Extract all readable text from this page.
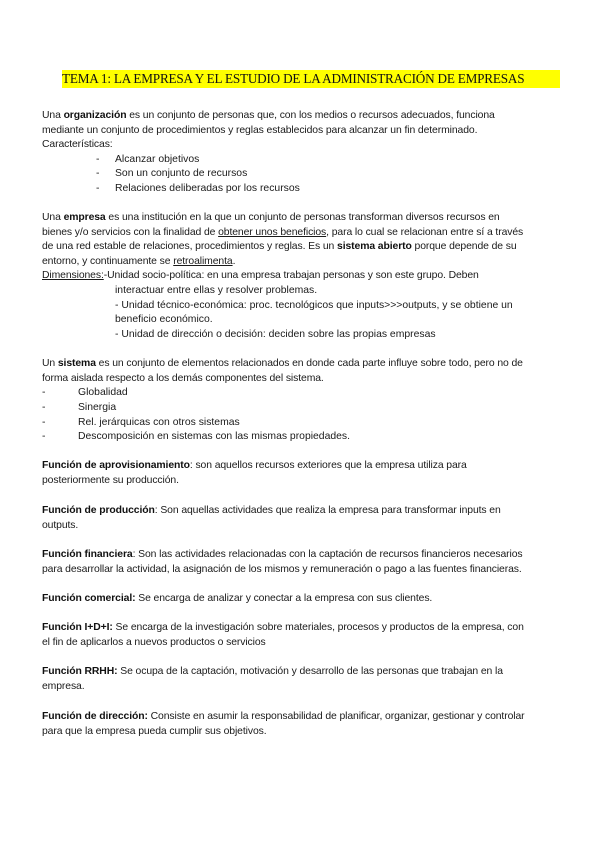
TEMA 1: LA EMPRESA Y EL ESTUDIO DE LA ADMINISTRACIÓN DE EMPRESAS
Una organización es un conjunto de personas que, con los medios o recursos adecuados, funciona
mediante un conjunto de procedimientos y reglas establecidos para alcanzar un fin determinado.
Características:
- Alcanzar objetivos
- Son un conjunto de recursos
- Relaciones deliberadas por los recursos
Una empresa es una institución en la que un conjunto de personas transforman diversos recursos en
bienes y/o servicios con la finalidad de obtener unos beneficios, para lo cual se relacionan entre sí a través
de una red estable de relaciones, procedimientos y reglas. Es un sistema abierto porque depende de su
entorno, y continuamente se retroalimenta.
Dimensiones:-Unidad socio-política: en una empresa trabajan personas y son este grupo. Deben
interactuar entre ellas y resolver problemas.
- Unidad técnico-económica: proc. tecnológicos que inputs>>>outputs, y se obtiene un
beneficio económico.
- Unidad de dirección o decisión: deciden sobre las propias empresas
Un sistema es un conjunto de elementos relacionados en donde cada parte influye sobre todo, pero no de
forma aislada respecto a los demás componentes del sistema.
-	Globalidad
-	Sinergia
-	Rel. jerárquicas con otros sistemas
-	Descomposición en sistemas con las mismas propiedades.
Función de aprovisionamiento: son aquellos recursos exteriores que la empresa utiliza para
posteriormente su producción.
Función de producción: Son aquellas actividades que realiza la empresa para transformar inputs en
outputs.
Función financiera: Son las actividades relacionadas con la captación de recursos financieros necesarios
para desarrollar la actividad, la asignación de los mismos y remuneración o pago a las fuentes financieras.
Función comercial: Se encarga de analizar y conectar a la empresa con sus clientes.
Función I+D+I: Se encarga de la investigación sobre materiales, procesos y productos de la empresa, con
el fin de aplicarlos a nuevos productos o servicios
Función RRHH: Se ocupa de la captación, motivación y desarrollo de las personas que trabajan en la
empresa.
Función de dirección: Consiste en asumir la responsabilidad de planificar, organizar, gestionar y controlar
para que la empresa pueda cumplir sus objetivos.
